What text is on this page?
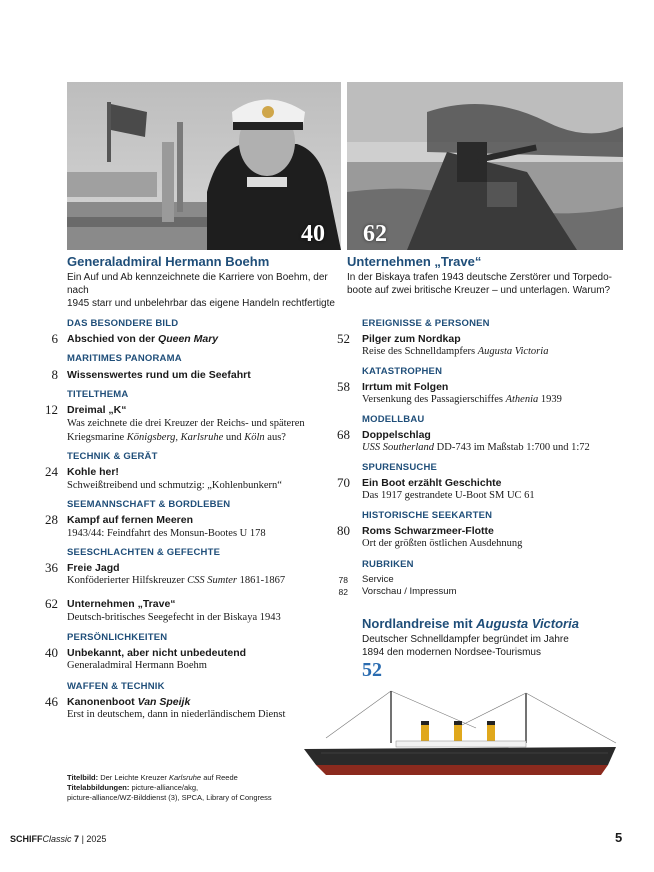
40 62
Generaladmiral Hermann Boehm
Ein Auf und Ab kennzeichnete die Karriere von Boehm, der nach
1945 starr und unbelehrbar das eigene Handeln rechtfertigte
Unternehmen „Trave“
In der Biskaya trafen 1943 deutsche Zerstörer und Torpedo-
boote auf zwei britische Kreuzer – und unterlagen. Warum?
DAS BESONDERE BILD
6 Abschied von der Queen Mary
MARITIMES PANORAMA
8 Wissenswertes rund um die Seefahrt
TITELTHEMA
12 Dreimal „K“
Was zeichnete die drei Kreuzer der Reichs- und späteren
Kriegsmarine Königsberg, Karlsruhe und Köln aus?
TECHNIK & GERÄT
24 Kohle her!
Schweißtreibend und schmutzig: „Kohlenbunkern“
SEEMANNSCHAFT & BORDLEBEN
28 Kampf auf fernen Meeren
1943/44: Feindfahrt des Monsun-Bootes U 178
SEESCHLACHTEN & GEFECHTE
36 Freie Jagd
Konföderierter Hilfskreuzer CSS Sumter 1861-1867
62 Unternehmen „Trave“
Deutsch-britisches Seegefecht in der Biskaya 1943
PERSÖNLICHKEITEN
40 Unbekannt, aber nicht unbedeutend
Generaladmiral Hermann Boehm
WAFFEN & TECHNIK
46 Kanonenboot Van Speijk
Erst in deutschem, dann in niederländischem Dienst
EREIGNISSE & PERSONEN
52 Pilger zum Nordkap
Reise des Schnelldampfers Augusta Victoria
KATASTROPHEN
58 Irrtum mit Folgen
Versenkung des Passagierschiffes Athenia 1939
MODELLBAU
68 Doppelschlag
USS Southerland DD-743 im Maßstab 1:700 und 1:72
SPURENSUCHE
70 Ein Boot erzählt Geschichte
Das 1917 gestrandete U-Boot SM UC 61
HISTORISCHE SEEKARTEN
80 Roms Schwarzmeer-Flotte
Ort der größten östlichen Ausdehnung
RUBRIKEN
78 Service
82 Vorschau / Impressum
Nordlandreise mit Augusta Victoria
Deutscher Schnelldampfer begründet im Jahre
1894 den modernen Nordsee-Tourismus
52
Titelbild: Der Leichte Kreuzer Karlsruhe auf Reede
Titelabbildungen: picture-alliance/akg,
picture-alliance/WZ-Bilddienst (3), SPCA, Library of Congress
SCHIFFClassic 7 | 2025	5
